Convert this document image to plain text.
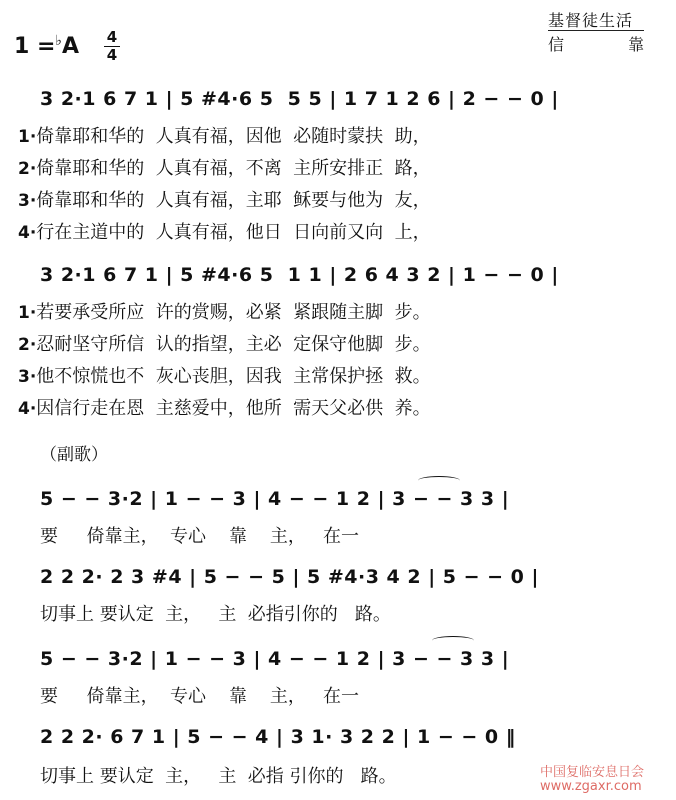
1 =♭A 4
4
基督徒生活
信	靠
3 2·1 6 7 1 | 5 #4·6 5  5 5 | 1 7 1 2 6 | 2 − − 0 |
1·倚靠耶和华的  人真有福，因他  必随时蒙扶  助，
2·倚靠耶和华的  人真有福，不离  主所安排正  路，
3·倚靠耶和华的  人真有福，主耶  稣要与他为  友，
4·行在主道中的  人真有福，他日  日向前又向  上，
3 2·1 6 7 1 | 5 #4·6 5  1 1 | 2 6 4 3 2 | 1 − − 0 |
1·若要承受所应  许的赏赐，必紧  紧跟随主脚  步。
2·忍耐坚守所信  认的指望，主必  定保守他脚  步。
3·他不惊慌也不  灰心丧胆，因我  主常保护拯  救。
4·因信行走在恩  主慈爱中，他所  需天父必供  养。
（副歌）
5 − − 3·2 | 1 − − 3 | 4 − − 1 2 | 3 − − 3 3 |
要     倚靠主，  专心    靠    主，   在一
2 2 2· 2 3 #4 | 5 − − 5 | 5 #4·3 4 2 | 5 − − 0 |
切事上 要认定  主，   主  必指引你的   路。
5 − − 3·2 | 1 − − 3 | 4 − − 1 2 | 3 − − 3 3 |
要     倚靠主，  专心    靠    主，   在一
2 2 2· 6 7 1 | 5 − − 4 | 3 1· 3 2 2 | 1 − − 0 ‖
切事上 要认定  主，   主  必指 引你的   路。	中国复临安息日会
www.zgaxr.com
